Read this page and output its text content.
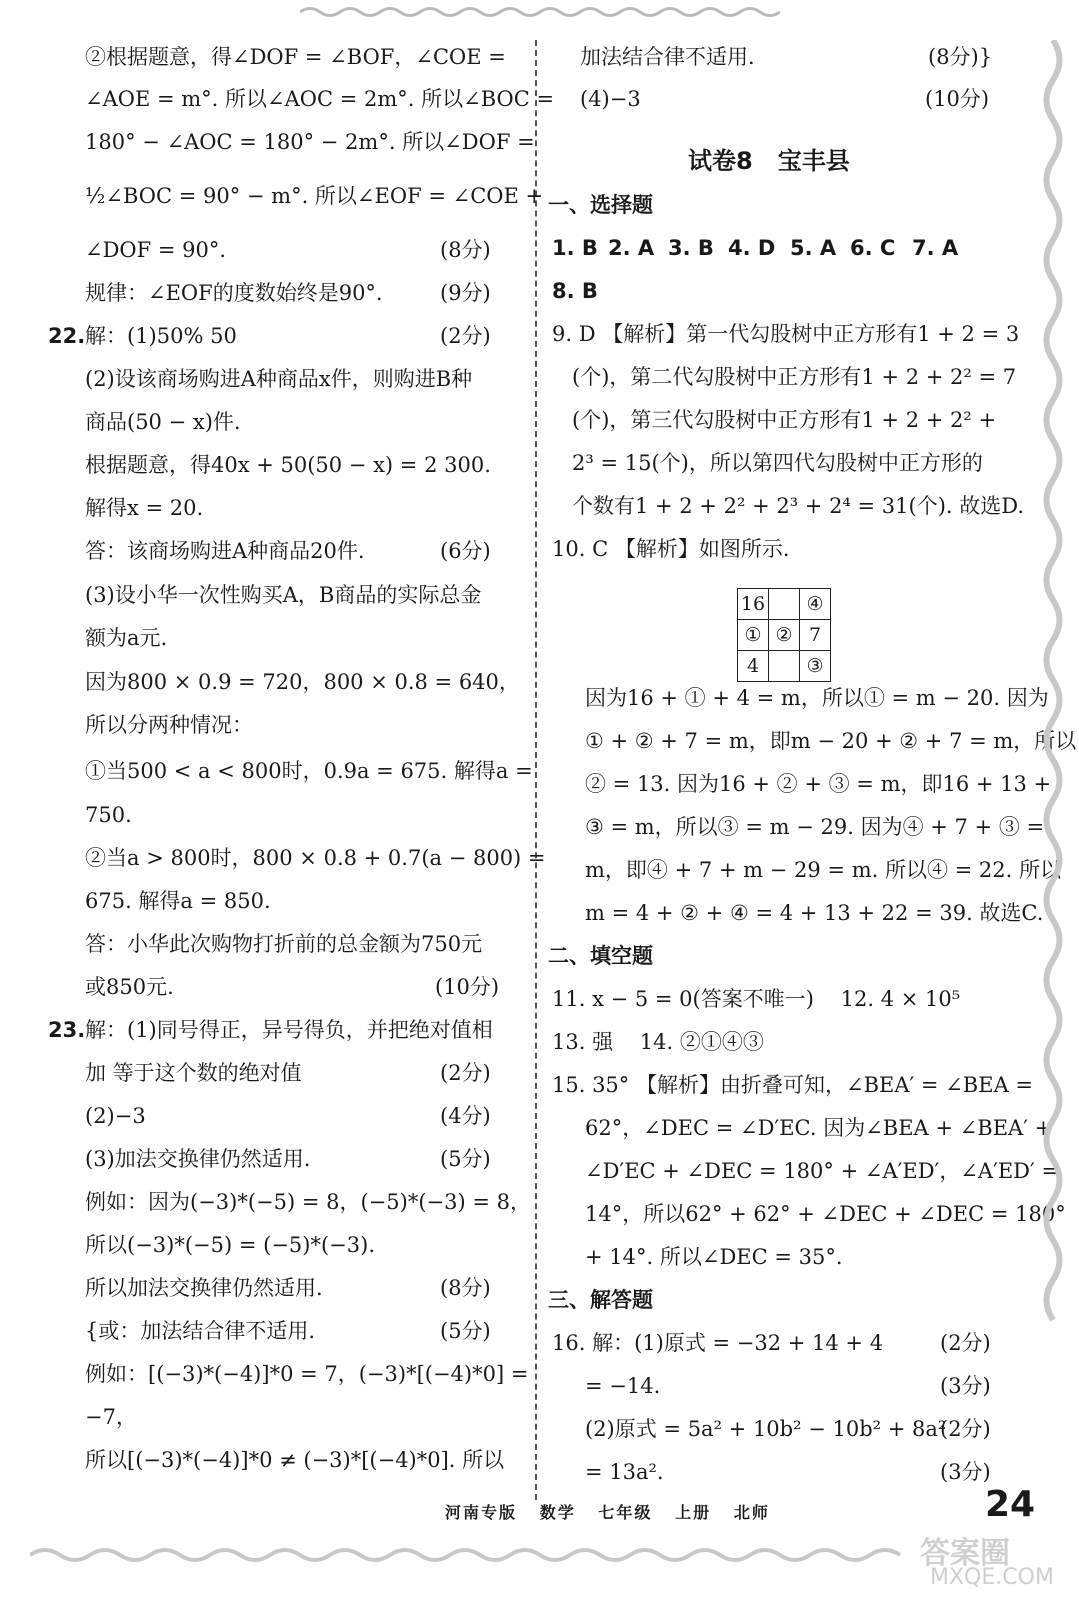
②根据题意，得∠DOF = ∠BOF，∠COE =
∠AOE = m°. 所以∠AOC = 2m°. 所以∠BOC =
180° − ∠AOC = 180° − 2m°. 所以∠DOF =
½∠BOC = 90° − m°. 所以∠EOF = ∠COE +
∠DOF = 90°.	(8分)
规律：∠EOF的度数始终是90°.	(9分)
22. 解：(1)50% 50	(2分)
(2)设该商场购进A种商品x件，则购进B种
商品(50 − x)件.
根据题意，得40x + 50(50 − x) = 2 300.
解得x = 20.
答：该商场购进A种商品20件.	(6分)
(3)设小华一次性购买A，B商品的实际总金
额为a元.
因为800 × 0.9 = 720，800 × 0.8 = 640，
所以分两种情况：
①当500 < a < 800时，0.9a = 675. 解得a =
750.
②当a > 800时，800 × 0.8 + 0.7(a − 800) =
675. 解得a = 850.
答：小华此次购物打折前的总金额为750元
或850元.	(10分)
23. 解：(1)同号得正，异号得负，并把绝对值相
加 等于这个数的绝对值	(2分)
(2)−3	(4分)
(3)加法交换律仍然适用.	(5分)
例如：因为(−3)*(−5) = 8，(−5)*(−3) = 8，
所以(−3)*(−5) = (−5)*(−3).
所以加法交换律仍然适用.	(8分)
{或：加法结合律不适用.	(5分)
例如：[(−3)*(−4)]*0 = 7，(−3)*[(−4)*0] =
−7，
所以[(−3)*(−4)]*0 ≠ (−3)*[(−4)*0]. 所以
加法结合律不适用.	(8分)}
(4)−3	(10分)
试卷8   宝丰县
一、选择题
1. B 2. A 3. B 4. D 5. A 6. C 7. A
8. B
9. D 【解析】第一代勾股树中正方形有1 + 2 = 3
(个)，第二代勾股树中正方形有1 + 2 + 2² = 7
(个)，第三代勾股树中正方形有1 + 2 + 2² +
2³ = 15(个)，所以第四代勾股树中正方形的
个数有1 + 2 + 2² + 2³ + 2⁴ = 31(个). 故选D.
10. C 【解析】如图所示.
16		④
①	②	7
4		③
因为16 + ① + 4 = m，所以① = m − 20. 因为
① + ② + 7 = m，即m − 20 + ② + 7 = m，所以
② = 13. 因为16 + ② + ③ = m，即16 + 13 +
③ = m，所以③ = m − 29. 因为④ + 7 + ③ =
m，即④ + 7 + m − 29 = m. 所以④ = 22. 所以
m = 4 + ② + ④ = 4 + 13 + 22 = 39. 故选C.
二、填空题
11. x − 5 = 0(答案不唯一)    12. 4 × 10⁵
13. 强    14. ②①④③
15. 35° 【解析】由折叠可知，∠BEA′ = ∠BEA =
62°，∠DEC = ∠D′EC. 因为∠BEA + ∠BEA′ +
∠D′EC + ∠DEC = 180° + ∠A′ED′，∠A′ED′ =
14°，所以62° + 62° + ∠DEC + ∠DEC = 180°
+ 14°. 所以∠DEC = 35°.
三、解答题
16. 解：(1)原式 = −32 + 14 + 4	(2分)
= −14.	(3分)
(2)原式 = 5a² + 10b² − 10b² + 8a²
(2分)
= 13a².	(3分)
河南专版   数学   七年级   上册   北师	24
答案圈
MXQE.COM
